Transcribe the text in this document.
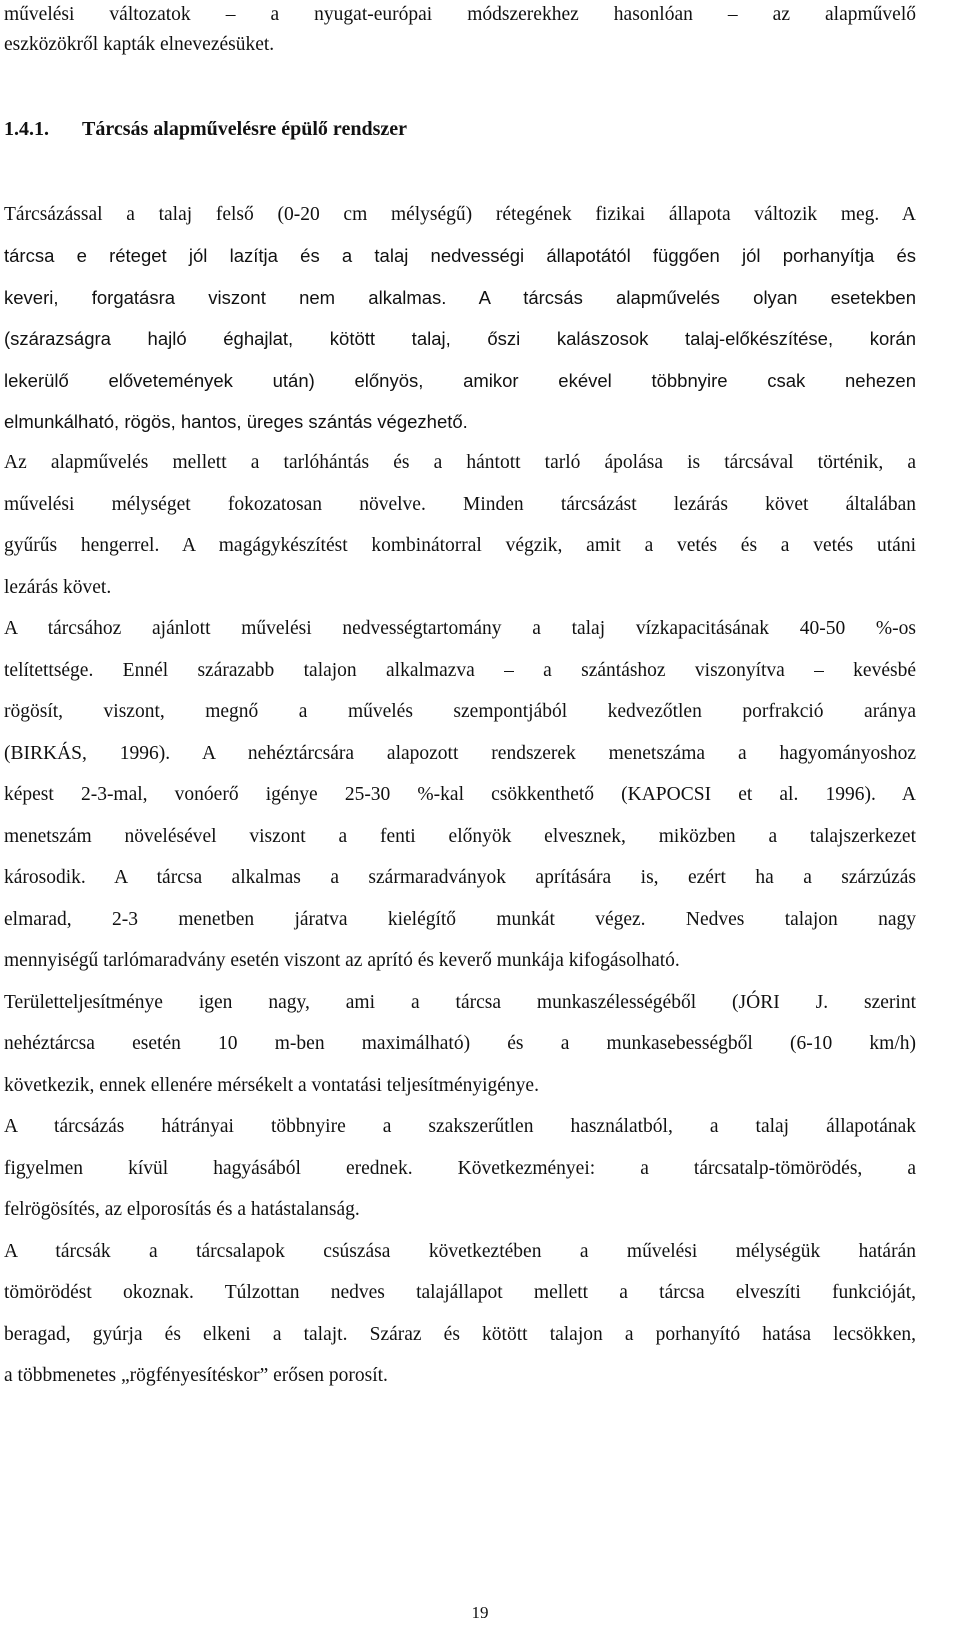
művelési változatok – a nyugat-európai módszerekhez hasonlóan – az alapművelő
eszközökről kapták elnevezésüket.
1.4.1. Tárcsás alapművelésre épülő rendszer
Tárcsázással a talaj felső (0-20 cm mélységű) rétegének fizikai állapota változik meg. A
tárcsa e réteget jól lazítja és a talaj nedvességi állapotától függően jól porhanyítja és
keveri, forgatásra viszont nem alkalmas. A tárcsás alapművelés olyan esetekben
(szárazságra hajló éghajlat, kötött talaj, őszi kalászosok talaj-előkészítése, korán
lekerülő elővetemények után) előnyös, amikor ekével többnyire csak nehezen
elmunkálható, rögös, hantos, üreges szántás végezhető.
Az alapművelés mellett a tarlóhántás és a hántott tarló ápolása is tárcsával történik, a
művelési mélységet fokozatosan növelve. Minden tárcsázást lezárás követ általában
gyűrűs hengerrel. A magágykészítést kombinátorral végzik, amit a vetés és a vetés utáni
lezárás követ.
A tárcsához ajánlott művelési nedvességtartomány a talaj vízkapacitásának 40-50 %-os
telítettsége. Ennél szárazabb talajon alkalmazva – a szántáshoz viszonyítva – kevésbé
rögösít, viszont, megnő a művelés szempontjából kedvezőtlen porfrakció aránya
(BIRKÁS, 1996). A nehéztárcsára alapozott rendszerek menetszáma a hagyományoshoz
képest 2-3-mal, vonóerő igénye 25-30 %-kal csökkenthető (KAPOCSI et al. 1996). A
menetszám növelésével viszont a fenti előnyök elvesznek, miközben a talajszerkezet
károsodik. A tárcsa alkalmas a szármaradványok aprítására is, ezért ha a szárzúzás
elmarad, 2-3 menetben járatva kielégítő munkát végez. Nedves talajon nagy
mennyiségű tarlómaradvány esetén viszont az aprító és keverő munkája kifogásolható.
Területteljesítménye igen nagy, ami a tárcsa munkaszélességéből (JÓRI J. szerint
nehéztárcsa esetén 10 m-ben maximálható) és a munkasebességből (6-10 km/h)
következik, ennek ellenére mérsékelt a vontatási teljesítményigénye.
A tárcsázás hátrányai többnyire a szakszerűtlen használatból, a talaj állapotának
figyelmen kívül hagyásából erednek. Következményei: a tárcsatalp-tömörödés, a
felrögösítés, az elporosítás és a hatástalanság.
A tárcsák a tárcsalapok csúszása következtében a művelési mélységük határán
tömörödést okoznak. Túlzottan nedves talajállapot mellett a tárcsa elveszíti funkcióját,
beragad, gyúrja és elkeni a talajt. Száraz és kötött talajon a porhanyító hatása lecsökken,
a többmenetes „rögfényesítéskor” erősen porosít.
19
